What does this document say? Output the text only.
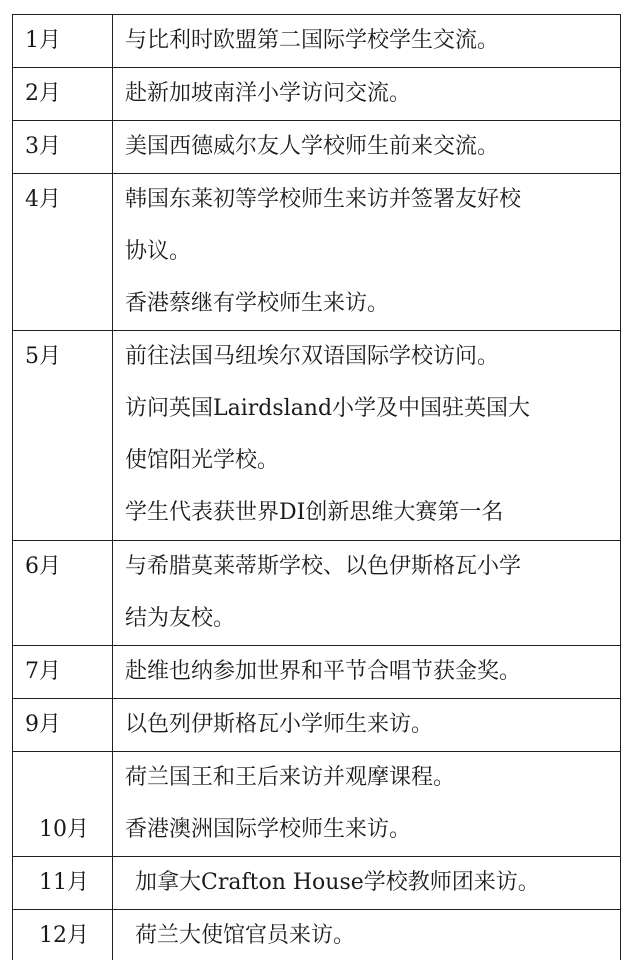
1月	与比利时欧盟第二国际学校学生交流。

2月	赴新加坡南洋小学访问交流。

3月	美国西德威尔友人学校师生前来交流。

4月	韩国东莱初等学校师生来访并签署友好校
协议。
香港蔡继有学校师生来访。

5月	前往法国马纽埃尔双语国际学校访问。
访问英国Lairdsland小学及中国驻英国大
使馆阳光学校。
学生代表获世界DI创新思维大赛第一名

6月	与希腊莫莱蒂斯学校、以色伊斯格瓦小学
结为友校。

7月	赴维也纳参加世界和平节合唱节获金奖。

9月	以色列伊斯格瓦小学师生来访。

10月	荷兰国王和王后来访并观摩课程。
香港澳洲国际学校师生来访。

11月	加拿大Crafton House学校教师团来访。

12月	荷兰大使馆官员来访。
